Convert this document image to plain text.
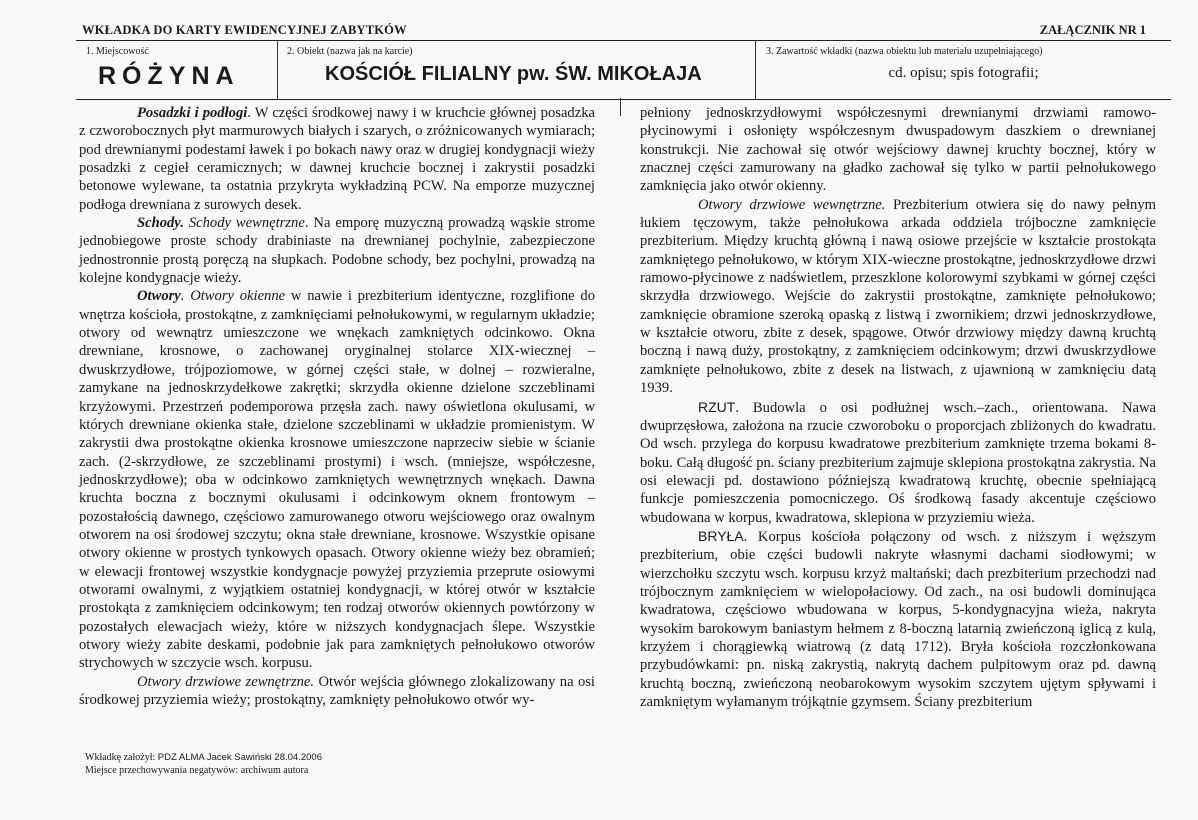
WKŁADKA DO KARTY EWIDENCYJNEJ ZABYTKÓW	ZAŁĄCZNIK NR 1
1. Miejscowość
RÓŻYNA
2. Obiekt (nazwa jak na karcie)
KOŚCIÓŁ FILIALNY pw. ŚW. MIKOŁAJA
3. Zawartość wkładki (nazwa obiektu lub materiału uzupełniającego)
cd. opisu; spis fotografii;

Posadzki i podłogi. W części środkowej nawy i w kruchcie głównej posadzka z czworobocznych płyt marmurowych białych i szarych, o zróżnicowanych wymiarach; pod drewnianymi podestami ławek i po bokach nawy oraz w drugiej kondygnacji wieży posadzki z cegieł ceramicznych; w dawnej kruchcie bocznej i zakrystii posadzki betonowe wylewane, ta ostatnia przykryta wykładziną PCW. Na emporze muzycznej podłoga drewniana z surowych desek.

Schody. Schody wewnętrzne. Na emporę muzyczną prowadzą wąskie strome jednobiegowe proste schody drabiniaste na drewnianej pochylnie, zabezpieczone jednostronnie prostą poręczą na słupkach. Podobne schody, bez pochylni, prowadzą na kolejne kondygnacje wieży.

Otwory. Otwory okienne w nawie i prezbiterium identyczne, rozglifione do wnętrza kościoła, prostokątne, z zamknięciami pełnołukowymi, w regularnym układzie; otwory od wewnątrz umieszczone we wnękach zamkniętych odcinkowo. Okna drewniane, krosnowe, o zachowanej oryginalnej stolarce XIX-wiecznej – dwuskrzydłowe, trójpoziomowe, w górnej części stałe, w dolnej – rozwieralne, zamykane na jednoskrzydełkowe zakrętki; skrzydła okienne dzielone szczeblinami krzyżowymi. Przestrzeń podemporowa przęsła zach. nawy oświetlona okulusami, w których drewniane okienka stałe, dzielone szczeblinami w układzie promienistym. W zakrystii dwa prostokątne okienka krosnowe umieszczone naprzeciw siebie w ścianie zach. (2-skrzydłowe, ze szczeblinami prostymi) i wsch. (mniejsze, współczesne, jednoskrzydłowe); oba w odcinkowo zamkniętych wewnętrznych wnękach. Dawna kruchta boczna z bocznymi okulusami i odcinkowym oknem frontowym – pozostałością dawnego, częściowo zamurowanego otworu wejściowego oraz owalnym otworem na osi środowej szczytu; okna stałe drewniane, krosnowe. Wszystkie opisane otwory okienne w prostych tynkowych opasach. Otwory okienne wieży bez obramień; w elewacji frontowej wszystkie kondygnacje powyżej przyziemia przeprute osiowymi otworami owalnymi, z wyjątkiem ostatniej kondygnacji, w której otwór w kształcie prostokąta z zamknięciem odcinkowym; ten rodzaj otworów okiennych powtórzony w pozostałych elewacjach wieży, które w niższych kondygnacjach ślepe. Wszystkie otwory wieży zabite deskami, podobnie jak para zamkniętych pełnołukowo otworów strychowych w szczycie wsch. korpusu.

Otwory drzwiowe zewnętrzne. Otwór wejścia głównego zlokalizowany na osi środkowej przyziemia wieży; prostokątny, zamknięty pełnołukowo otwór wy-

pełniony jednoskrzydłowymi współczesnymi drewnianymi drzwiami ramowo-płycinowymi i osłonięty współczesnym dwuspadowym daszkiem o drewnianej konstrukcji. Nie zachował się otwór wejściowy dawnej kruchty bocznej, który w znacznej części zamurowany na gładko zachował się tylko w partii pełnołukowego zamknięcia jako otwór okienny.

Otwory drzwiowe wewnętrzne. Prezbiterium otwiera się do nawy pełnym łukiem tęczowym, także pełnołukowa arkada oddziela trójboczne zamknięcie prezbiterium. Między kruchtą główną i nawą osiowe przejście w kształcie prostokąta zamkniętego pełnołukowo, w którym XIX-wieczne prostokątne, jednoskrzydłowe drzwi ramowo-płycinowe z nadświetlem, przeszklone kolorowymi szybkami w górnej części skrzydła drzwiowego. Wejście do zakrystii prostokątne, zamknięte pełnołukowo; zamknięcie obramione szeroką opaską z listwą i zwornikiem; drzwi jednoskrzydłowe, w kształcie otworu, zbite z desek, spągowe. Otwór drzwiowy między dawną kruchtą boczną i nawą duży, prostokątny, z zamknięciem odcinkowym; drzwi dwuskrzydłowe zamknięte pełnołukowo, zbite z desek na listwach, z ujawnioną w zamknięciu datą 1939.

RZUT. Budowla o osi podłużnej wsch.–zach., orientowana. Nawa dwuprzęsłowa, założona na rzucie czworoboku o proporcjach zbliżonych do kwadratu. Od wsch. przylega do korpusu kwadratowe prezbiterium zamknięte trzema bokami 8-boku. Całą długość pn. ściany prezbiterium zajmuje sklepiona prostokątna zakrystia. Na osi elewacji pd. dostawiono późniejszą kwadratową kruchtę, obecnie spełniającą funkcje pomieszczenia pomocniczego. Oś środkową fasady akcentuje częściowo wbudowana w korpus, kwadratowa, sklepiona w przyziemiu wieża.

BRYŁA. Korpus kościoła połączony od wsch. z niższym i węższym prezbiterium, obie części budowli nakryte własnymi dachami siodłowymi; w wierzchołku szczytu wsch. korpusu krzyż maltański; dach prezbiterium przechodzi nad trójbocznym zamknięciem w wielopołaciowy. Od zach., na osi budowli dominująca kwadratowa, częściowo wbudowana w korpus, 5-kondygnacyjna wieża, nakryta wysokim barokowym baniastym hełmem z 8-boczną latarnią zwieńczoną iglicą z kulą, krzyżem i chorągiewką wiatrową (z datą 1712). Bryła kościoła rozczłonkowana przybudówkami: pn. niską zakrystią, nakrytą dachem pulpitowym oraz pd. dawną kruchtą boczną, zwieńczoną neobarokowym wysokim szczytem ujętym spływami i zamkniętym wyłamanym trójkątnie gzymsem. Ściany prezbiterium

Wkładkę założył: PDZ ALMA Jacek Sawiński 28.04.2006
Miejsce przechowywania negatywów: archiwum autora
